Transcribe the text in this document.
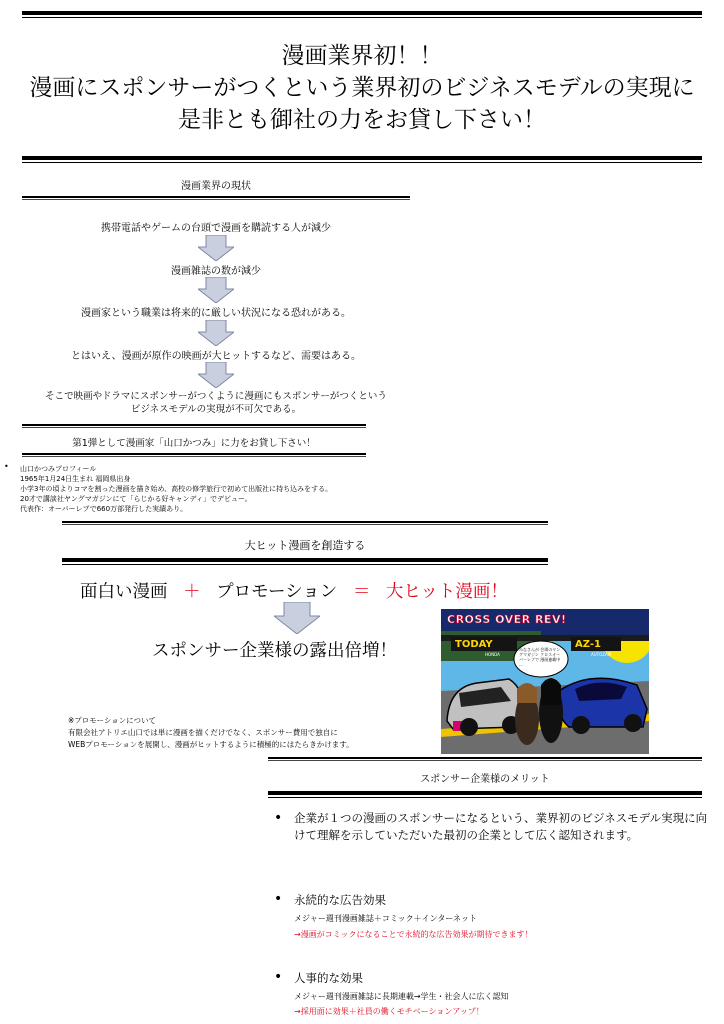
漫画業界初！！
漫画にスポンサーがつくという業界初のビジネスモデルの実現に
是非とも御社の力をお貸し下さい！
漫画業界の現状
携帯電話やゲームの台頭で漫画を購読する人が減少
漫画雑誌の数が減少
漫画家という職業は将来的に厳しい状況になる恐れがある。
とはいえ、漫画が原作の映画が大ヒットするなど、需要はある。
そこで映画やドラマにスポンサーがつくように漫画にもスポンサーがつくという
ビジネスモデルの実現が不可欠である。
第1弾として漫画家「山口かつみ」に力をお貸し下さい！
• 山口かつみプロフィール
1965年1月24日生まれ 福岡県出身
小学3年の頃よりコマを割った漫画を描き始め、高校の修学旅行で初めて出版社に持ち込みをする。
20才で講談社ヤングマガジンにて「らじかる好キャンディ」でデビュー。
代表作：オーバーレブで660万部発行した実績あり。
大ヒット漫画を創造する
面白い漫画 ＋ プロモーション ＝ 大ヒット漫画！
スポンサー企業様の露出倍増！
CROSS OVER REV!
TODAY
HONDA
AZ-1
AUTOZAM
みなさんが 会場のヤングマガジン クロスオーバーレブで 漫画連載中 ...
※プロモーションについて
有限会社アトリエ山口では単に漫画を描くだけでなく、スポンサー費用で独自に
WEBプロモーションを展開し、漫画がヒットするように積極的にはたらきかけます。
スポンサー企業様のメリット
• 企業が１つの漫画のスポンサーになるという、業界初のビジネスモデル実現に向けて理解を示していただいた最初の企業として広く認知されます。
• 永続的な広告効果
メジャー週刊漫画雑誌＋コミック＋インターネット
→漫画がコミックになることで永続的な広告効果が期待できます！
• 人事的な効果
メジャー週刊漫画雑誌に長期連載→学生・社会人に広く認知
→採用面に効果＋社員の働くモチベーションアップ！
